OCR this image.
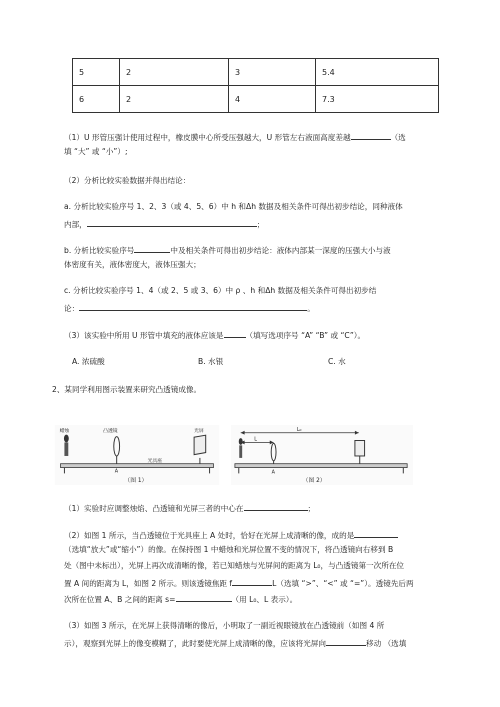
5	2	3	5.4
6	2	4	7.3
（1）U 形管压强计使用过程中，橡皮膜中心所受压强越大，U 形管左右液面高度差越	（选
填 “大” 或 “小”）;
（2）分析比较实验数据并得出结论：
a. 分析比较实验序号 1、2、3（或 4、5、6）中 h 和Δh 数据及相关条件可得出初步结论，同种液体
内部，	；
b. 分析比较实验序号	中及相关条件可得出初步结论：液体内部某一深度的压强大小与液
体密度有关，液体密度大，液体压强大；
c. 分析比较实验序号 1、4（或 2、5 或 3、6）中 ρ 、h 和Δh 数据及相关条件可得出初步结
论：	。
（3）该实验中所用 U 形管中填充的液体应该是	（填写选项序号 “A” “B” 或 “C”）。
A. 浓硫酸	B. 水银	C. 水
2、某同学利用图示装置来研究凸透镜成像。
蜡烛	凸透镜	光屏
光具座
A
（图 1）
L₀
L
A
（图 2）
（1）实验时应调整烛焰、凸透镜和光屏三者的中心在	；
（2）如图 1 所示，当凸透镜位于光具座上 A 处时，恰好在光屏上成清晰的像，成的是
（选填“放大”或“缩小”）的像。在保持图 1 中蜡烛和光屏位置不变的情况下，将凸透镜向右移到 B
处（图中未标出），光屏上再次成清晰的像，若已知蜡烛与光屏间的距离为 L₀，与凸透镜第一次所在位
置 A 间的距离为 L，如图 2 所示。则该透镜焦距 f	L（选填 “>”、“<” 或 “=”）。透镜先后两
次所在位置 A、B 之间的距离 s=	（用 L₀、L 表示）。
（3）如图 3 所示，在光屏上获得清晰的像后，小明取了一副近视眼镜放在凸透镜前（如图 4 所
示），观察到光屏上的像变模糊了，此时要使光屏上成清晰的像，应该将光屏向	移动 （选填
